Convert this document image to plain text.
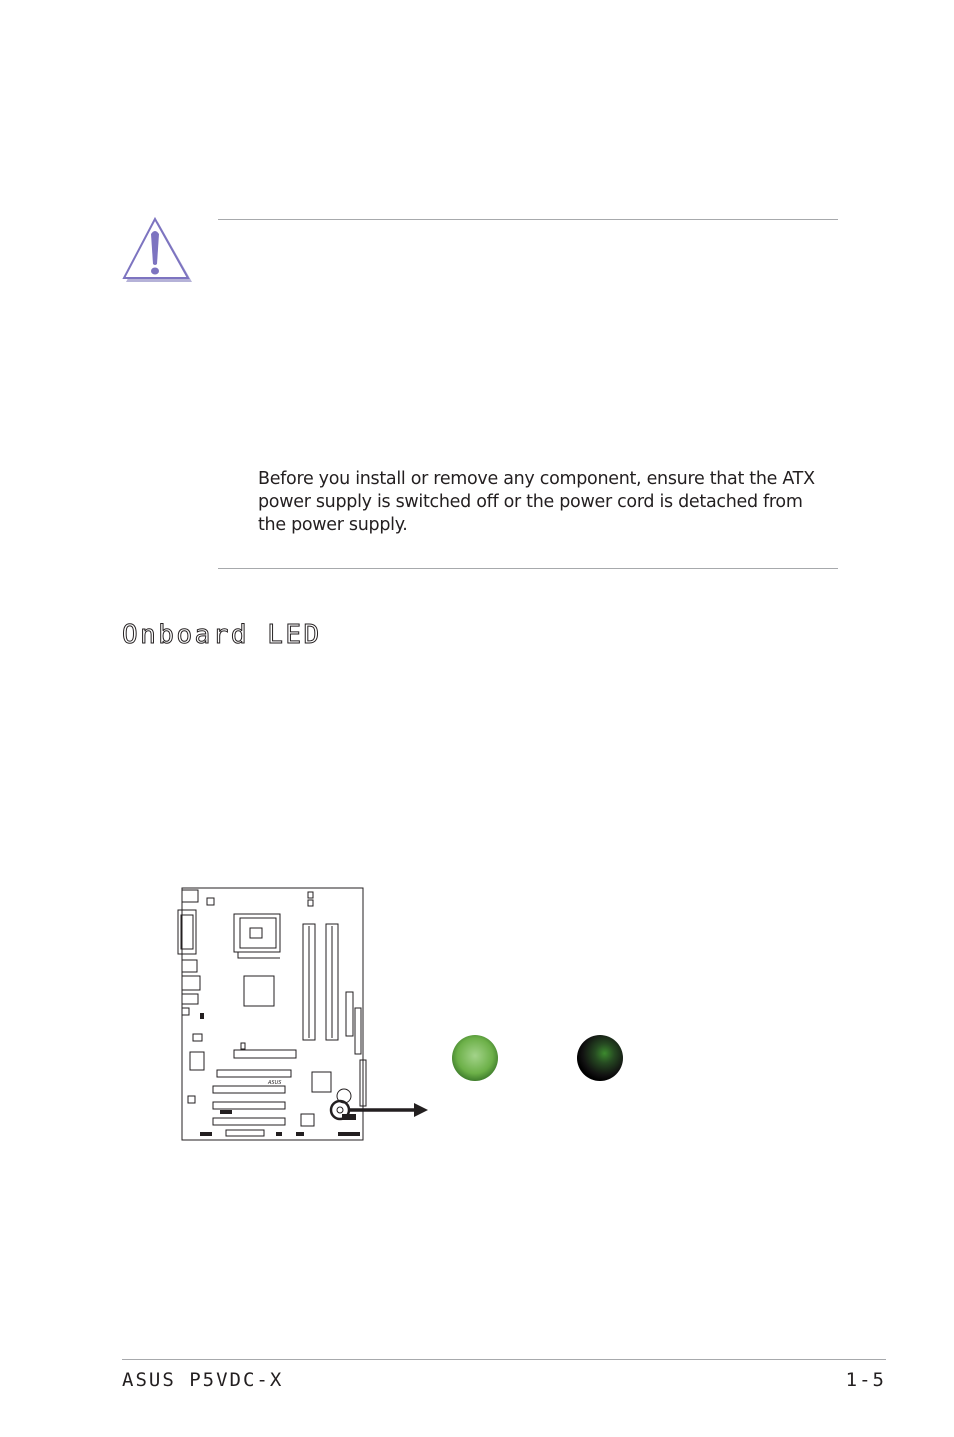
Before you install or remove any component, ensure that the ATX power supply is switched off or the power cord is detached from the power supply.
Onboard LED
ASUS
ASUS P5VDC-X	1-5
